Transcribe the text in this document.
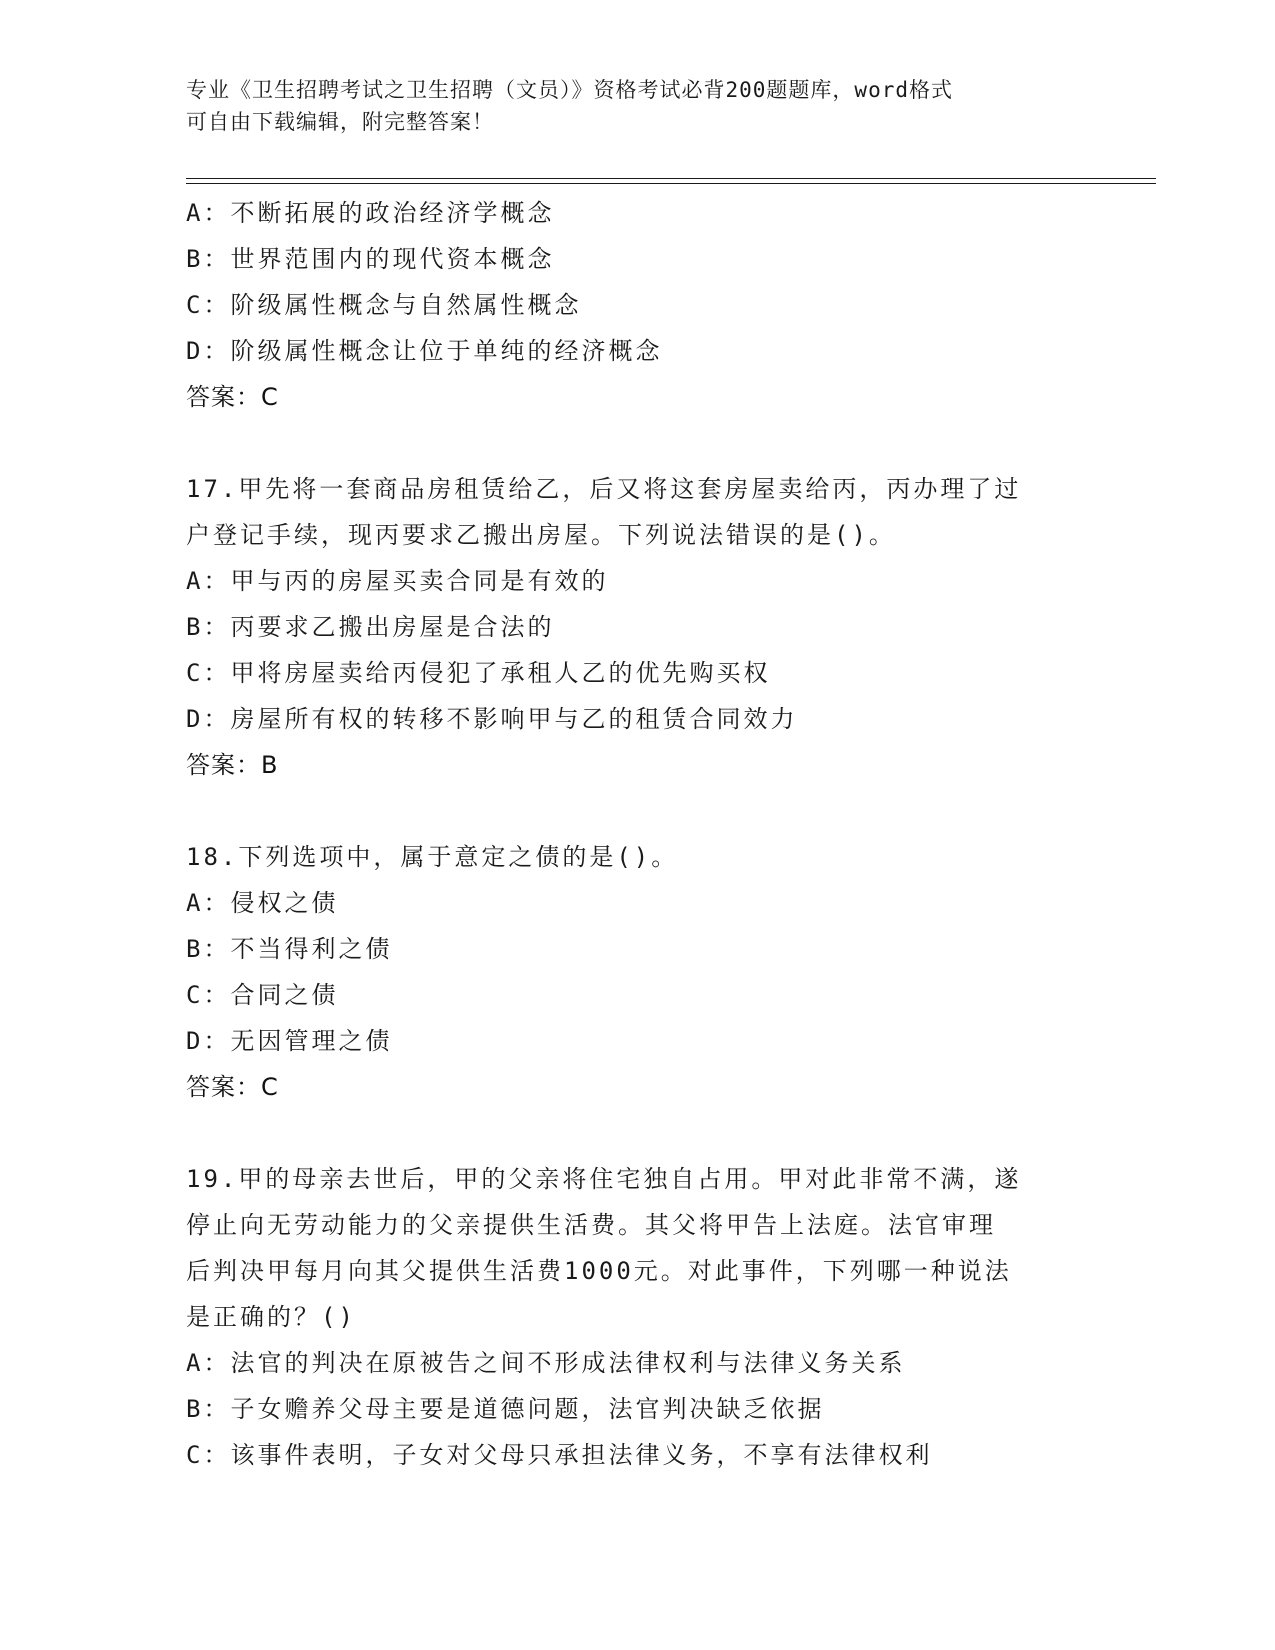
专业《卫生招聘考试之卫生招聘（文员）》资格考试必背200题题库，word格式
可自由下载编辑，附完整答案！
A：不断拓展的政治经济学概念
B：世界范围内的现代资本概念
C：阶级属性概念与自然属性概念
D：阶级属性概念让位于单纯的经济概念
答案：C
17.甲先将一套商品房租赁给乙，后又将这套房屋卖给丙，丙办理了过
户登记手续，现丙要求乙搬出房屋。下列说法错误的是()。
A：甲与丙的房屋买卖合同是有效的
B：丙要求乙搬出房屋是合法的
C：甲将房屋卖给丙侵犯了承租人乙的优先购买权
D：房屋所有权的转移不影响甲与乙的租赁合同效力
答案：B
18.下列选项中，属于意定之债的是()。
A：侵权之债
B：不当得利之债
C：合同之债
D：无因管理之债
答案：C
19.甲的母亲去世后，甲的父亲将住宅独自占用。甲对此非常不满，遂
停止向无劳动能力的父亲提供生活费。其父将甲告上法庭。法官审理
后判决甲每月向其父提供生活费1000元。对此事件，下列哪一种说法
是正确的？()
A：法官的判决在原被告之间不形成法律权利与法律义务关系
B：子女赡养父母主要是道德问题，法官判决缺乏依据
C：该事件表明，子女对父母只承担法律义务，不享有法律权利
